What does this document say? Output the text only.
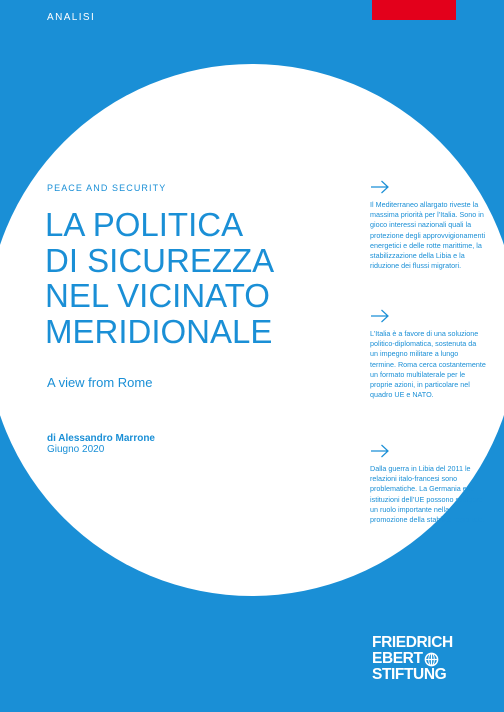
ANALISI
PEACE AND SECURITY
LA POLITICA
DI SICUREZZA
NEL VICINATO
MERIDIONALE
A view from Rome
di Alessandro Marrone
Giugno 2020

Il Mediterraneo allargato riveste la massima priorità per l’Italia. Sono in gioco interessi nazionali quali la protezione degli approvvigionamenti energetici e delle rotte marittime, la stabilizzazione della Libia e la riduzione dei flussi migratori.

L’Italia è a favore di una soluzione politico-diplomatica, sostenuta da un impegno militare a lungo termine. Roma cerca costantemente un formato multilaterale per le proprie azioni, in particolare nel quadro UE e NATO.

Dalla guerra in Libia del 2011 le relazioni italo-francesi sono problematiche. La Germania e le istituzioni dell’UE possono svolgere un ruolo importante nella promozione della stabilità regionale.

FRIEDRICH
EBERT
STIFTUNG
